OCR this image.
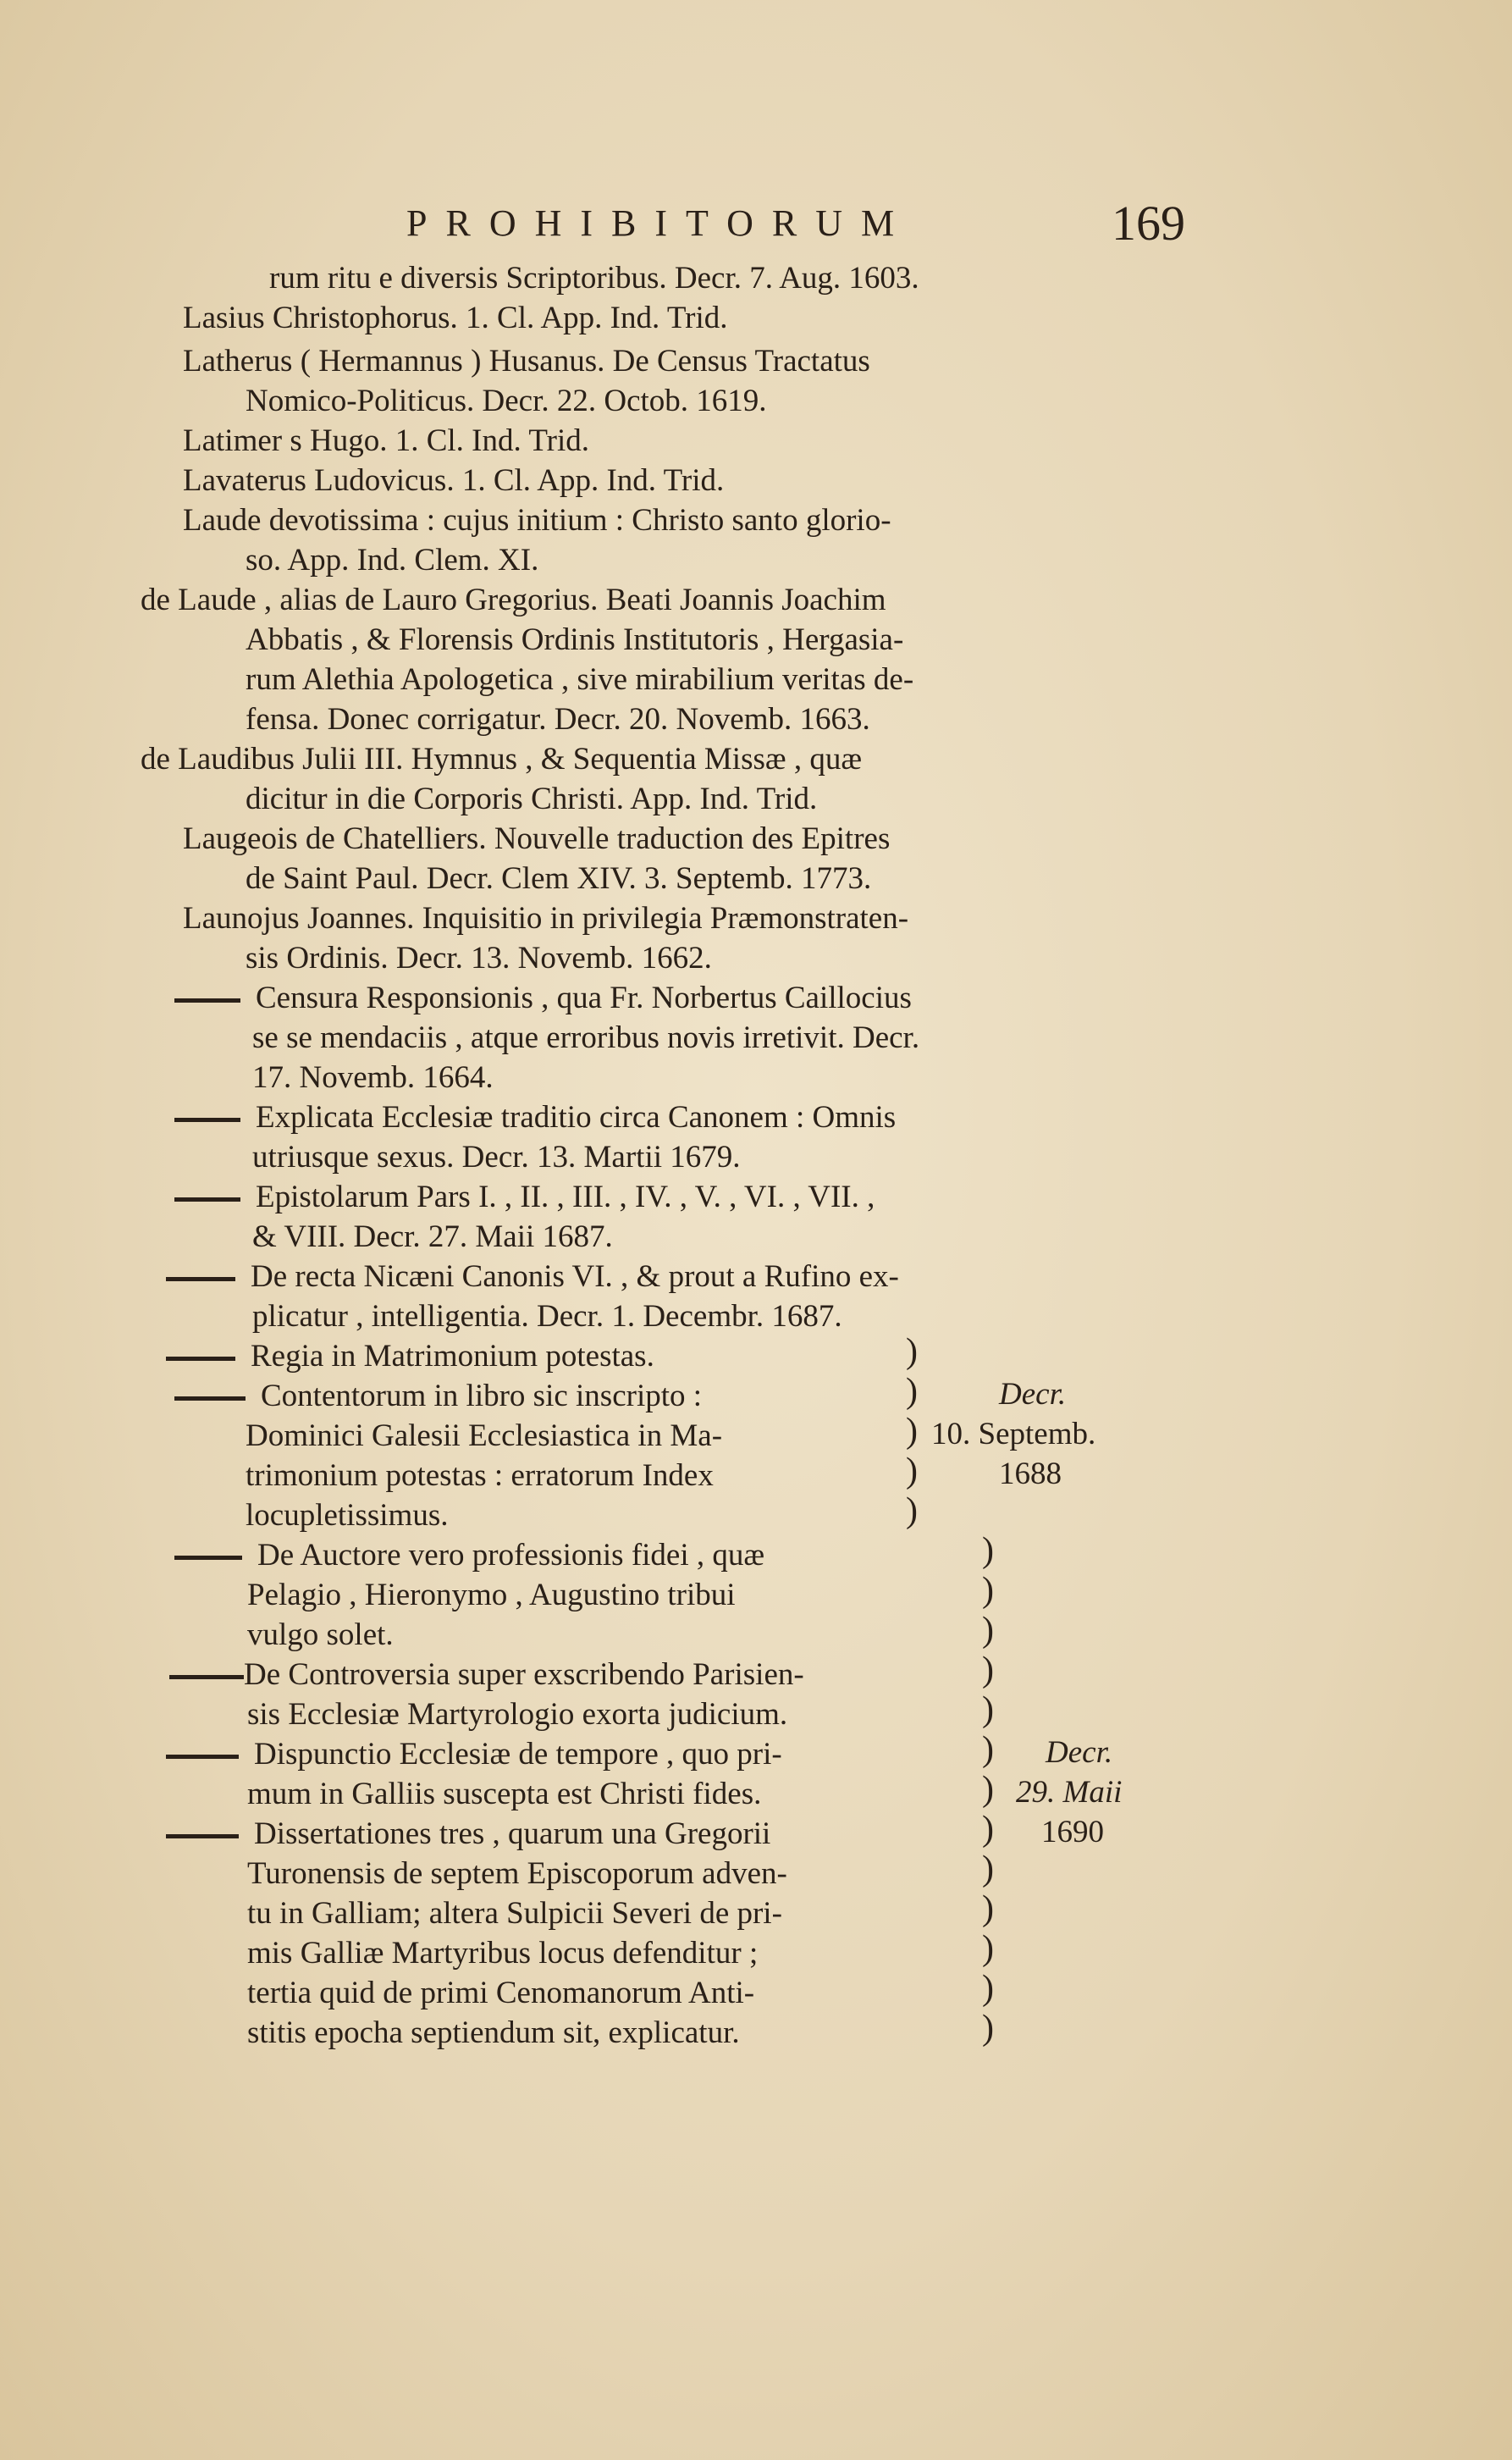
PROHIBITORUM	169
rum ritu e diversis Scriptoribus. Decr. 7. Aug. 1603.
Lasius Christophorus. 1. Cl. App. Ind. Trid.
Latherus ( Hermannus ) Husanus. De Census Tractatus
Nomico-Politicus. Decr. 22. Octob. 1619.
Latimer s Hugo. 1. Cl. Ind. Trid.
Lavaterus Ludovicus. 1. Cl. App. Ind. Trid.
Laude devotissima : cujus initium : Christo santo glorio-
so. App. Ind. Clem. XI.
de Laude , alias de Lauro Gregorius. Beati Joannis Joachim
Abbatis , & Florensis Ordinis Institutoris , Hergasia-
rum Alethia Apologetica , sive mirabilium veritas de-
fensa. Donec corrigatur. Decr. 20. Novemb. 1663.
de Laudibus Julii III. Hymnus , & Sequentia Missæ , quæ
dicitur in die Corporis Christi. App. Ind. Trid.
Laugeois de Chatelliers. Nouvelle traduction des Epitres
de Saint Paul. Decr. Clem XIV. 3. Septemb. 1773.
Launojus Joannes. Inquisitio in privilegia Præmonstraten-
sis Ordinis. Decr. 13. Novemb. 1662.
Censura Responsionis , qua Fr. Norbertus Caillocius
se se mendaciis , atque erroribus novis irretivit. Decr.
17. Novemb. 1664.
Explicata Ecclesiæ traditio circa Canonem : Omnis
utriusque sexus. Decr. 13. Martii 1679.
Epistolarum Pars I. , II. , III. , IV. , V. , VI. , VII. ,
& VIII. Decr. 27. Maii 1687.
De recta Nicæni Canonis VI. , & prout a Rufino ex-
plicatur , intelligentia. Decr. 1. Decembr. 1687.
Regia in Matrimonium potestas.
Contentorum in libro sic inscripto :
Dominici Galesii Ecclesiastica in Ma-
trimonium potestas : erratorum Index
locupletissimus.
)
)
)
)
)
Decr.
10. Septemb.
1688
De Auctore vero professionis fidei , quæ
Pelagio , Hieronymo , Augustino tribui
vulgo solet.
De Controversia super exscribendo Parisien-
sis Ecclesiæ Martyrologio exorta judicium.
Dispunctio Ecclesiæ de tempore , quo pri-
mum in Galliis suscepta est Christi fides.
Dissertationes tres , quarum una Gregorii
Turonensis de septem Episcoporum adven-
tu in Galliam; altera Sulpicii Severi de pri-
mis Galliæ Martyribus locus defenditur ;
tertia quid de primi Cenomanorum Anti-
stitis epocha septiendum sit, explicatur.
)
)
)
)
)
)
)
)
)
)
)
)
)
Decr.
29. Maii
1690
